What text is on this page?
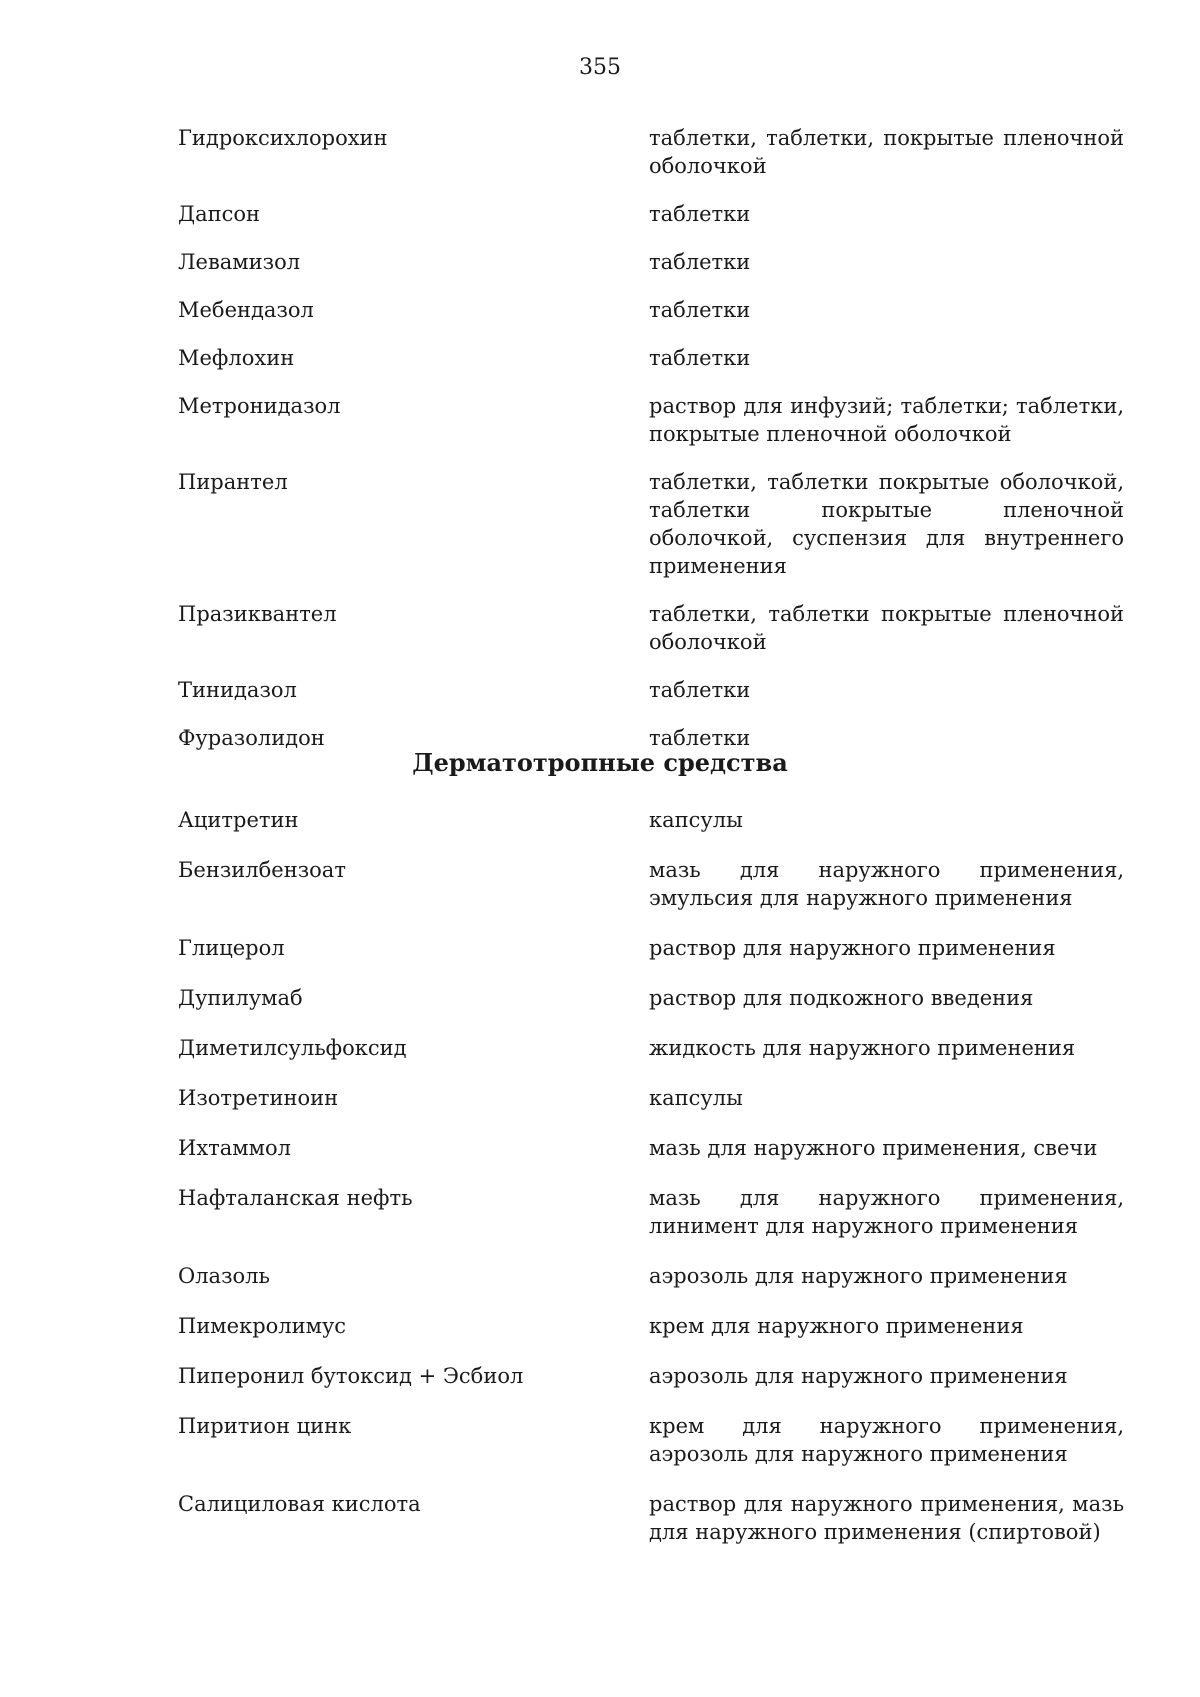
355
Гидроксихлорохин	таблетки, таблетки, покрытые пленочной оболочкой
Дапсон	таблетки
Левамизол	таблетки
Мебендазол	таблетки
Мефлохин	таблетки
Метронидазол	раствор для инфузий; таблетки; таблетки, покрытые пленочной оболочкой
Пирантел	таблетки, таблетки покрытые оболочкой, таблетки покрытые пленочной оболочкой, суспензия для внутреннего применения
Празиквантел	таблетки, таблетки покрытые пленочной оболочкой
Тинидазол	таблетки
Фуразолидон	таблетки
Дерматотропные средства
Ацитретин	капсулы
Бензилбензоат	мазь для наружного применения, эмульсия для наружного применения
Глицерол	раствор для наружного применения
Дупилумаб	раствор для подкожного введения
Диметилсульфоксид	жидкость для наружного применения
Изотретиноин	капсулы
Ихтаммол	мазь для наружного применения, свечи
Нафталанская нефть	мазь для наружного применения, линимент для наружного применения
Олазоль	аэрозоль для наружного применения
Пимекролимус	крем для наружного применения
Пиперонил бутоксид + Эсбиол	аэрозоль для наружного применения
Пиритион цинк	крем для наружного применения, аэрозоль для наружного применения
Салициловая кислота	раствор для наружного применения, мазь для наружного применения (спиртовой)
